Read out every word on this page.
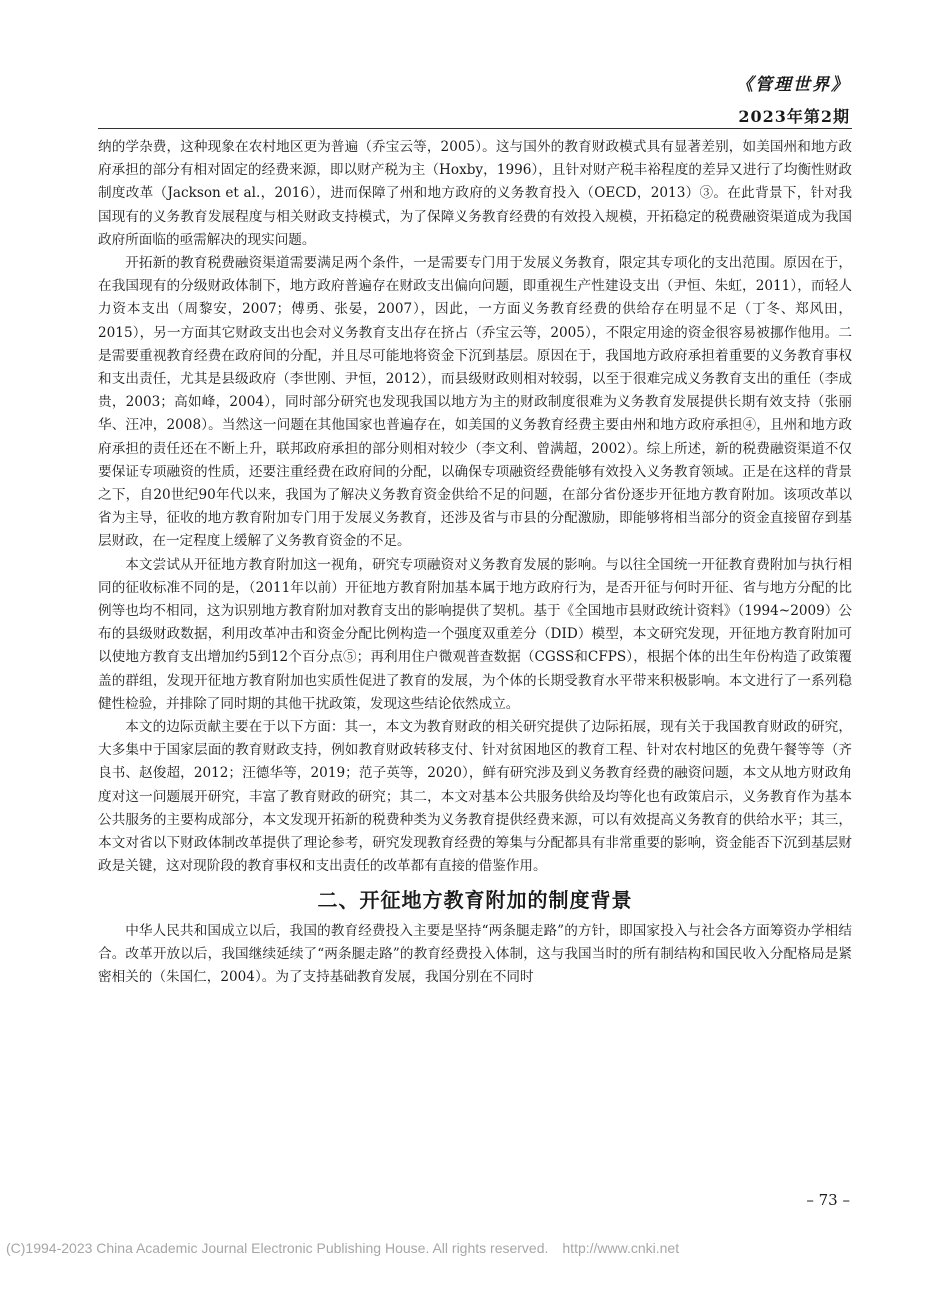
《管理世界》
2023年第2期

纳的学杂费，这种现象在农村地区更为普遍（乔宝云等，2005）。这与国外的教育财政模式具有显著差别，如美国州和地方政府承担的部分有相对固定的经费来源，即以财产税为主（Hoxby，1996），且针对财产税丰裕程度的差异又进行了均衡性财政制度改革（Jackson et al.，2016），进而保障了州和地方政府的义务教育投入（OECD，2013）③。在此背景下，针对我国现有的义务教育发展程度与相关财政支持模式，为了保障义务教育经费的有效投入规模，开拓稳定的税费融资渠道成为我国政府所面临的亟需解决的现实问题。

开拓新的教育税费融资渠道需要满足两个条件，一是需要专门用于发展义务教育，限定其专项化的支出范围。原因在于，在我国现有的分级财政体制下，地方政府普遍存在财政支出偏向问题，即重视生产性建设支出（尹恒、朱虹，2011），而轻人力资本支出（周黎安，2007；傅勇、张晏，2007），因此，一方面义务教育经费的供给存在明显不足（丁冬、郑风田，2015），另一方面其它财政支出也会对义务教育支出存在挤占（乔宝云等，2005），不限定用途的资金很容易被挪作他用。二是需要重视教育经费在政府间的分配，并且尽可能地将资金下沉到基层。原因在于，我国地方政府承担着重要的义务教育事权和支出责任，尤其是县级政府（李世刚、尹恒，2012），而县级财政则相对较弱，以至于很难完成义务教育支出的重任（李成贵，2003；高如峰，2004），同时部分研究也发现我国以地方为主的财政制度很难为义务教育发展提供长期有效支持（张丽华、汪冲，2008）。当然这一问题在其他国家也普遍存在，如美国的义务教育经费主要由州和地方政府承担④，且州和地方政府承担的责任还在不断上升，联邦政府承担的部分则相对较少（李文利、曾满超，2002）。综上所述，新的税费融资渠道不仅要保证专项融资的性质，还要注重经费在政府间的分配，以确保专项融资经费能够有效投入义务教育领域。正是在这样的背景之下，自20世纪90年代以来，我国为了解决义务教育资金供给不足的问题，在部分省份逐步开征地方教育附加。该项改革以省为主导，征收的地方教育附加专门用于发展义务教育，还涉及省与市县的分配激励，即能够将相当部分的资金直接留存到基层财政，在一定程度上缓解了义务教育资金的不足。

本文尝试从开征地方教育附加这一视角，研究专项融资对义务教育发展的影响。与以往全国统一开征教育费附加与执行相同的征收标准不同的是，（2011年以前）开征地方教育附加基本属于地方政府行为，是否开征与何时开征、省与地方分配的比例等也均不相同，这为识别地方教育附加对教育支出的影响提供了契机。基于《全国地市县财政统计资料》（1994~2009）公布的县级财政数据，利用改革冲击和资金分配比例构造一个强度双重差分（DID）模型，本文研究发现，开征地方教育附加可以使地方教育支出增加约5到12个百分点⑤；再利用住户微观普查数据（CGSS和CFPS），根据个体的出生年份构造了政策覆盖的群组，发现开征地方教育附加也实质性促进了教育的发展，为个体的长期受教育水平带来积极影响。本文进行了一系列稳健性检验，并排除了同时期的其他干扰政策，发现这些结论依然成立。

本文的边际贡献主要在于以下方面：其一，本文为教育财政的相关研究提供了边际拓展，现有关于我国教育财政的研究，大多集中于国家层面的教育财政支持，例如教育财政转移支付、针对贫困地区的教育工程、针对农村地区的免费午餐等等（齐良书、赵俊超，2012；汪德华等，2019；范子英等，2020），鲜有研究涉及到义务教育经费的融资问题，本文从地方财政角度对这一问题展开研究，丰富了教育财政的研究；其二，本文对基本公共服务供给及均等化也有政策启示，义务教育作为基本公共服务的主要构成部分，本文发现开拓新的税费种类为义务教育提供经费来源，可以有效提高义务教育的供给水平；其三，本文对省以下财政体制改革提供了理论参考，研究发现教育经费的筹集与分配都具有非常重要的影响，资金能否下沉到基层财政是关键，这对现阶段的教育事权和支出责任的改革都有直接的借鉴作用。

二、开征地方教育附加的制度背景

中华人民共和国成立以后，我国的教育经费投入主要是坚持“两条腿走路”的方针，即国家投入与社会各方面筹资办学相结合。改革开放以后，我国继续延续了“两条腿走路”的教育经费投入体制，这与我国当时的所有制结构和国民收入分配格局是紧密相关的（朱国仁，2004）。为了支持基础教育发展，我国分别在不同时

– 73 –
(C)1994-2023 China Academic Journal Electronic Publishing House. All rights reserved. http://www.cnki.net
